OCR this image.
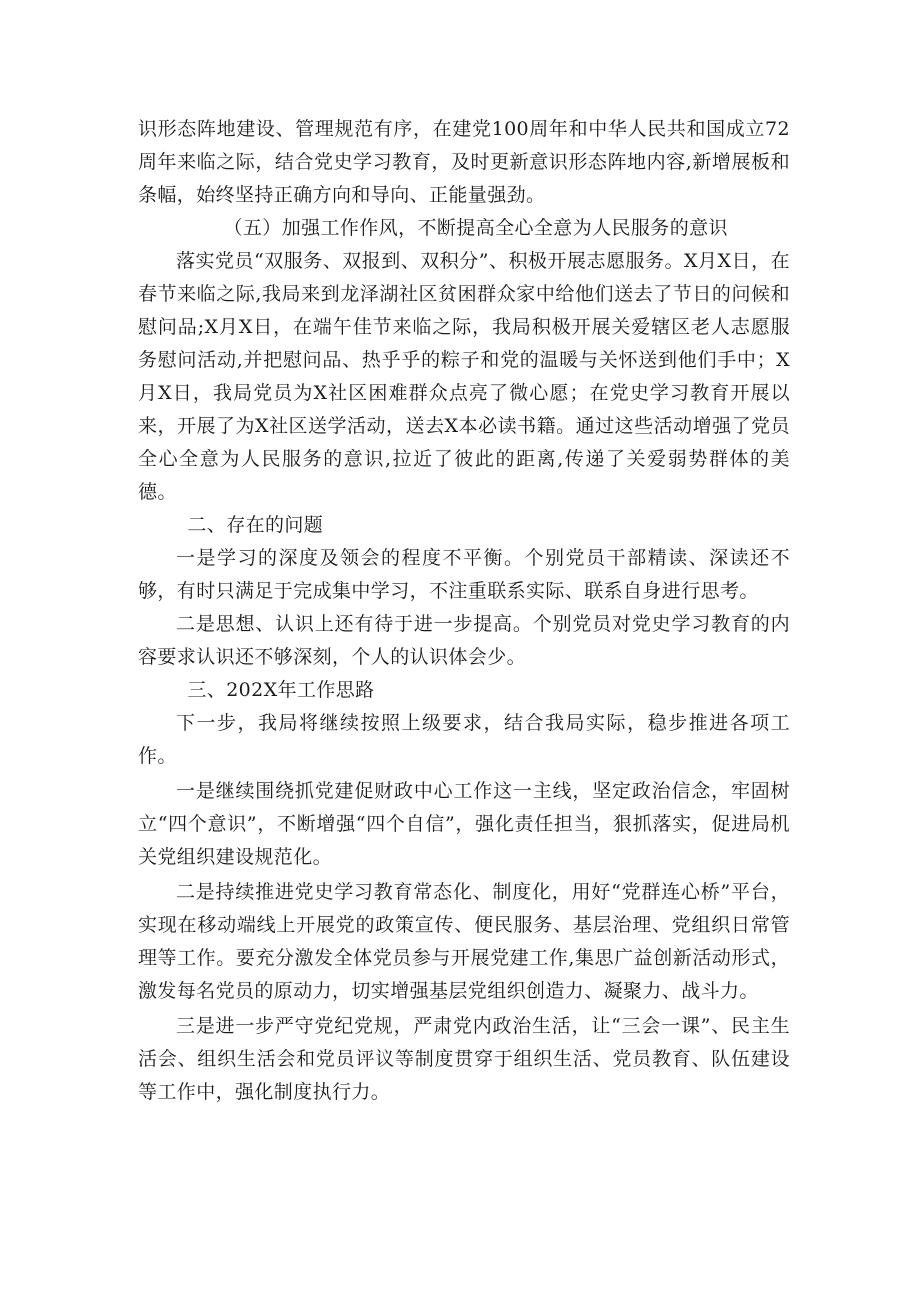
识形态阵地建设、管理规范有序，在建党100周年和中华人民共和国成立72周年来临之际，结合党史学习教育，及时更新意识形态阵地内容,新增展板和条幅，始终坚持正确方向和导向、正能量强劲。

（五）加强工作作风，不断提高全心全意为人民服务的意识

落实党员“双服务、双报到、双积分”、积极开展志愿服务。X月X日，在春节来临之际,我局来到龙泽湖社区贫困群众家中给他们送去了节日的问候和慰问品;X月X日，在端午佳节来临之际，我局积极开展关爱辖区老人志愿服务慰问活动,并把慰问品、热乎乎的粽子和党的温暖与关怀送到他们手中；X月X日，我局党员为X社区困难群众点亮了微心愿；在党史学习教育开展以来，开展了为X社区送学活动，送去X本必读书籍。通过这些活动增强了党员全心全意为人民服务的意识,拉近了彼此的距离,传递了关爱弱势群体的美德。

二、存在的问题

一是学习的深度及领会的程度不平衡。个别党员干部精读、深读还不够，有时只满足于完成集中学习，不注重联系实际、联系自身进行思考。

二是思想、认识上还有待于进一步提高。个别党员对党史学习教育的内容要求认识还不够深刻，个人的认识体会少。

三、202X年工作思路

下一步，我局将继续按照上级要求，结合我局实际，稳步推进各项工作。

一是继续围绕抓党建促财政中心工作这一主线，坚定政治信念，牢固树立“四个意识”，不断增强“四个自信”，强化责任担当，狠抓落实，促进局机关党组织建设规范化。

二是持续推进党史学习教育常态化、制度化，用好“党群连心桥”平台，实现在移动端线上开展党的政策宣传、便民服务、基层治理、党组织日常管理等工作。要充分激发全体党员参与开展党建工作,集思广益创新活动形式，激发每名党员的原动力，切实增强基层党组织创造力、凝聚力、战斗力。

三是进一步严守党纪党规，严肃党内政治生活，让“三会一课”、民主生活会、组织生活会和党员评议等制度贯穿于组织生活、党员教育、队伍建设等工作中，强化制度执行力。
